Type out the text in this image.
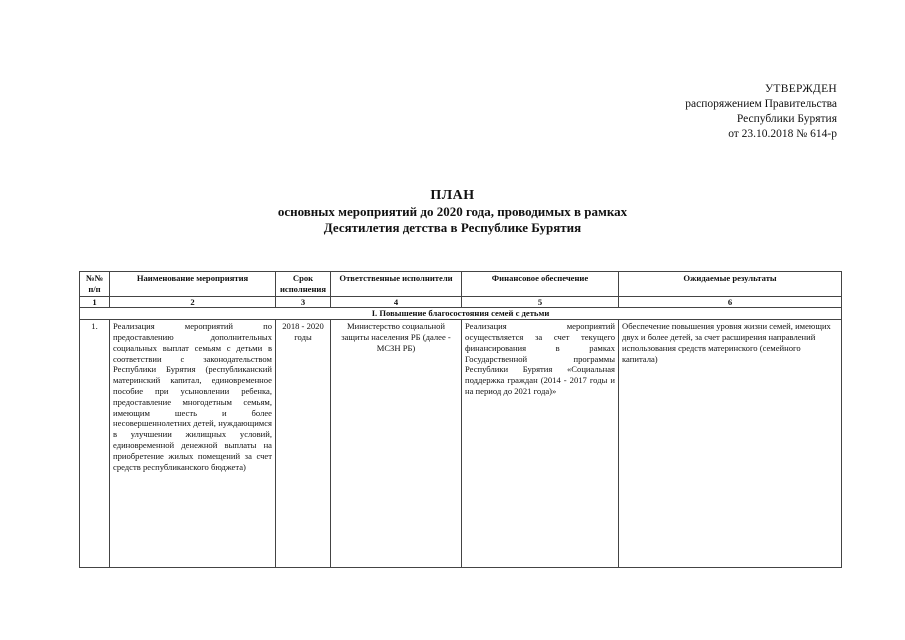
УТВЕРЖДЕН
распоряжением Правительства
Республики Бурятия
от 23.10.2018 № 614-р
ПЛАН
основных мероприятий до 2020 года, проводимых в рамках
Десятилетия детства в Республике Бурятия
№№ п/п	Наименование мероприятия	Срок исполнения	Ответственные исполнители	Финансовое обеспечение	Ожидаемые результаты
1	2	3	4	5	6
I. Повышение благосостояния семей с детьми					
1.	Реализация мероприятий по предоставлению дополнительных социальных выплат семьям с детьми в соответствии с законодательством Республики Бурятия (республиканский материнский капитал, единовременное пособие при усыновлении ребенка, предоставление многодетным семьям, имеющим шесть и более несовершеннолетних детей, нуждающимся в улучшении жилищных условий, единовременной денежной выплаты на приобретение жилых помещений за счет средств республиканского бюджета)	2018 - 2020 годы	Министерство социальной защиты населения РБ (далее - МСЗН РБ)	Реализация мероприятий осуществляется за счет текущего финансирования в рамках Государственной программы Республики Бурятия «Социальная поддержка граждан (2014 - 2017 годы и на период до 2021 года)»	Обеспечение повышения уровня жизни семей, имеющих двух и более детей, за счет расширения направлений использования средств материнского (семейного капитала)
